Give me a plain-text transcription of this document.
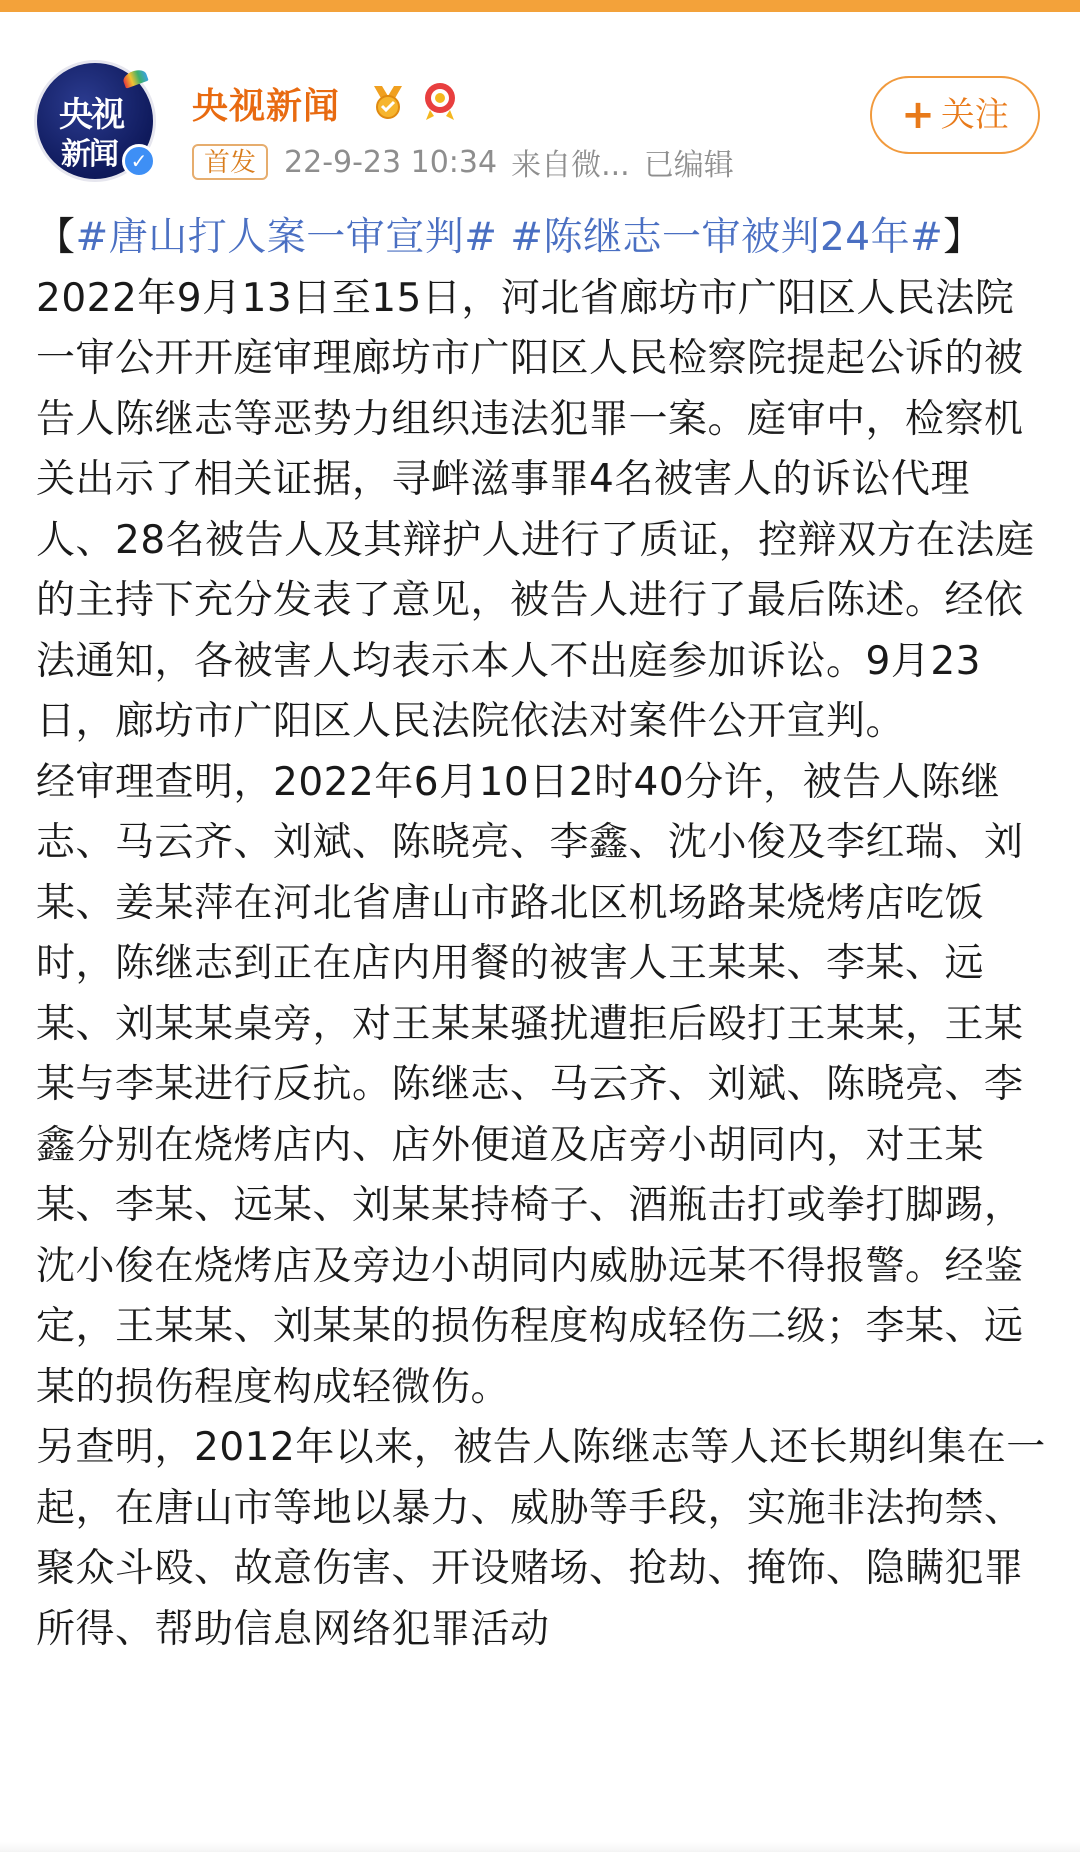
央视
新闻 ✓
央视新闻	+ 关注
首发 22-9-23 10:34 来自微... 已编辑

【#唐山打人案一审宣判# #陈继志一审被判24年#】2022年9月13日至15日，河北省廊坊市广阳区人民法院一审公开开庭审理廊坊市广阳区人民检察院提起公诉的被告人陈继志等恶势力组织违法犯罪一案。庭审中，检察机关出示了相关证据，寻衅滋事罪4名被害人的诉讼代理人、28名被告人及其辩护人进行了质证，控辩双方在法庭的主持下充分发表了意见，被告人进行了最后陈述。经依法通知，各被害人均表示本人不出庭参加诉讼。9月23日，廊坊市广阳区人民法院依法对案件公开宣判。

经审理查明，2022年6月10日2时40分许，被告人陈继志、马云齐、刘斌、陈晓亮、李鑫、沈小俊及李红瑞、刘某、姜某萍在河北省唐山市路北区机场路某烧烤店吃饭时，陈继志到正在店内用餐的被害人王某某、李某、远某、刘某某桌旁，对王某某骚扰遭拒后殴打王某某，王某某与李某进行反抗。陈继志、马云齐、刘斌、陈晓亮、李鑫分别在烧烤店内、店外便道及店旁小胡同内，对王某某、李某、远某、刘某某持椅子、酒瓶击打或拳打脚踢，沈小俊在烧烤店及旁边小胡同内威胁远某不得报警。经鉴定，王某某、刘某某的损伤程度构成轻伤二级；李某、远某的损伤程度构成轻微伤。

另查明，2012年以来，被告人陈继志等人还长期纠集在一起，在唐山市等地以暴力、威胁等手段，实施非法拘禁、聚众斗殴、故意伤害、开设赌场、抢劫、掩饰、隐瞒犯罪所得、帮助信息网络犯罪活动
